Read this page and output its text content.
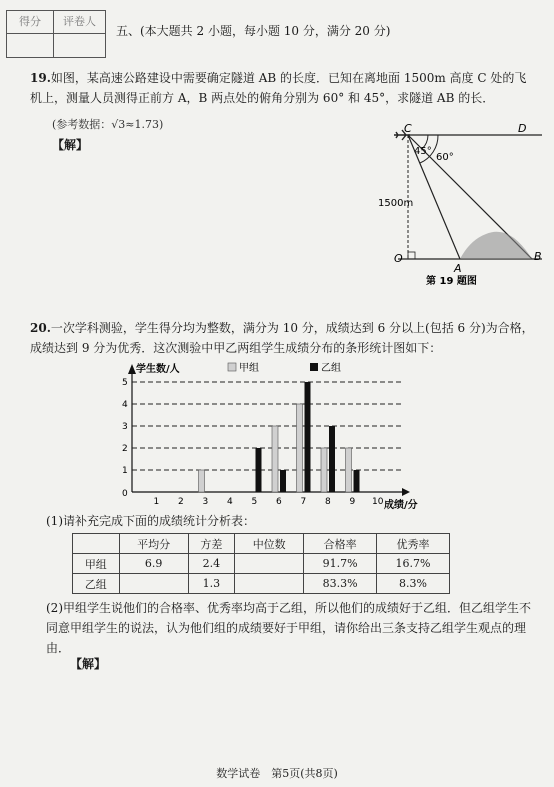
得分	评卷人
五、(本大题共 2 小题，每小题 10 分，满分 20 分)
19.如图，某高速公路建设中需要确定隧道 AB 的长度．已知在离地面 1500m 高度 C 处的飞机上，测量人员测得正前方 A，B 两点处的俯角分别为 60° 和 45°，求隧道 AB 的长．
(参考数据：√3≈1.73)
【解】	45°
60°
C	D
O
A
B
1500m
第 19 题图
20.一次学科测验，学生得分均为整数，满分为 10 分，成绩达到 6 分以上(包括 6 分)为合格，成绩达到 9 分为优秀．这次测验中甲乙两组学生成绩分布的条形统计图如下：
0
学生数/人
成绩/分
甲组	乙组
1
2
3
4
5
1 2 3 4 5 6 7 8 9 10
(1)请补充完成下面的成绩统计分析表：
	平均分	方差	中位数	合格率	优秀率
甲组	6.9	2.4		91.7%	16.7%
乙组		1.3		83.3%	8.3%
(2)甲组学生说他们的合格率、优秀率均高于乙组，所以他们的成绩好于乙组．但乙组学生不同意甲组学生的说法，认为他们组的成绩要好于甲组，请你给出三条支持乙组学生观点的理由．
【解】
数学试卷　第5页(共8页)
